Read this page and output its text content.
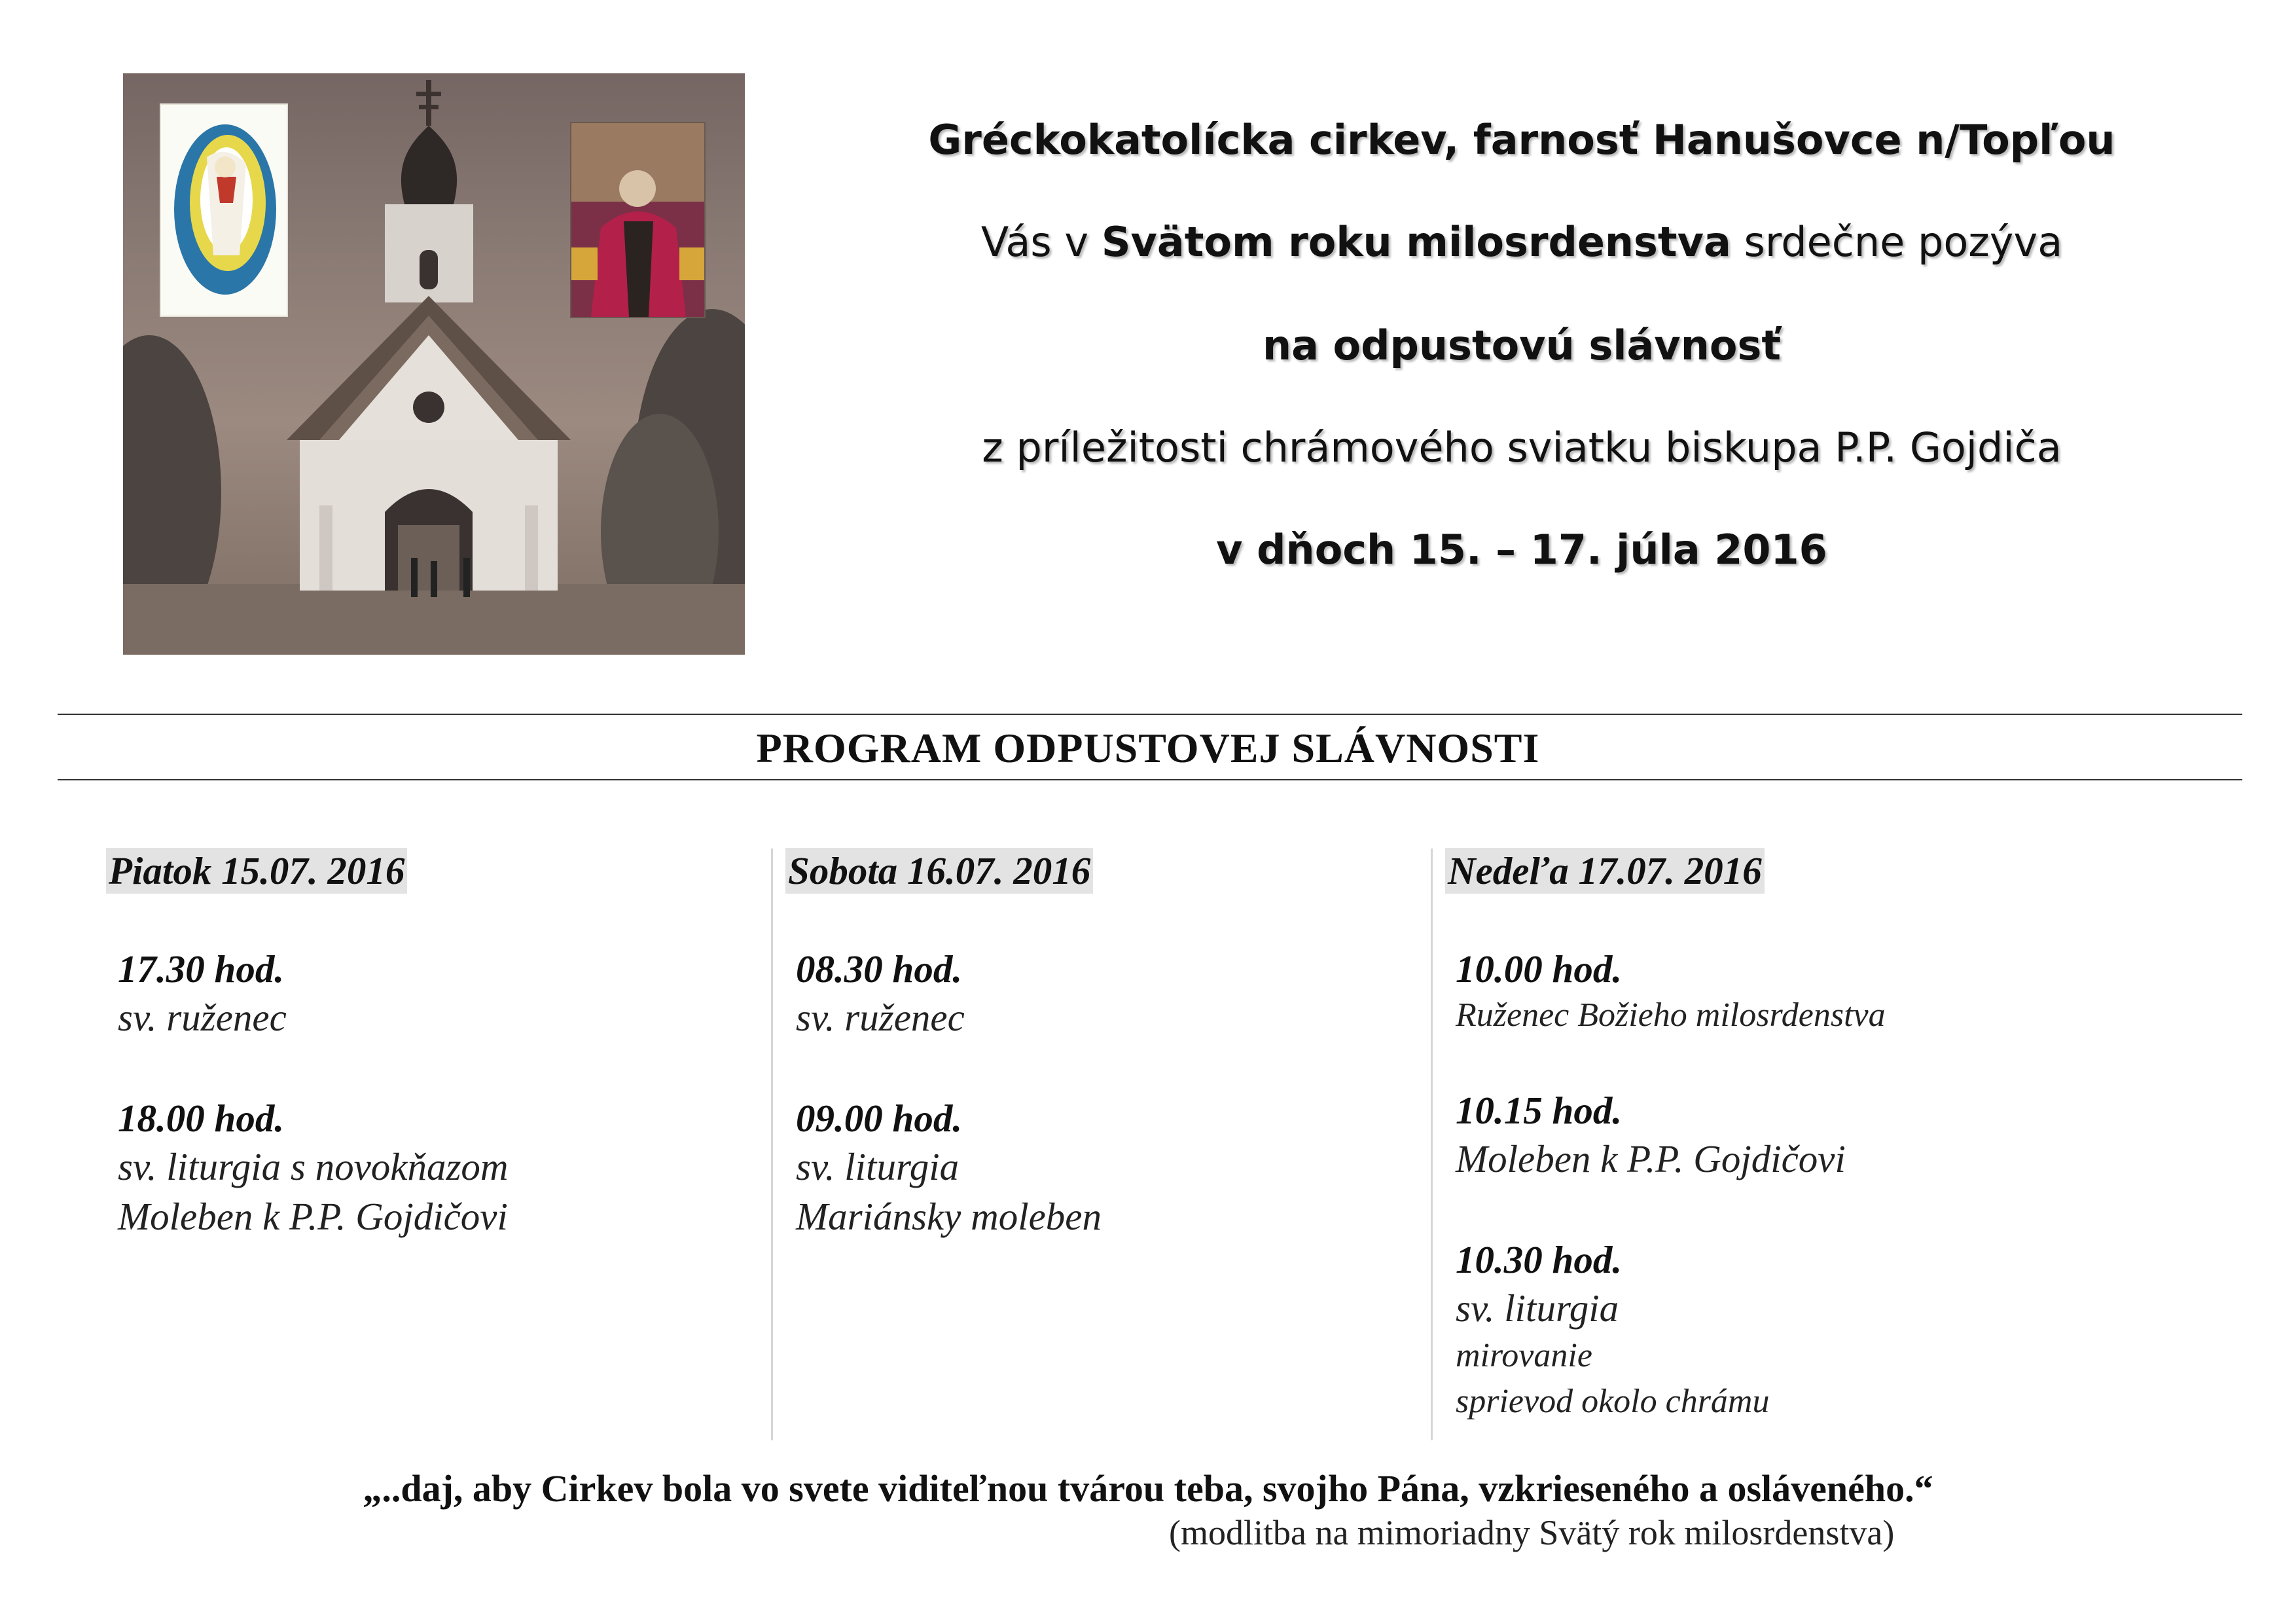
Gréckokatolícka cirkev, farnosť Hanušovce n/Topľou
Vás v Svätom roku milosrdenstva srdečne pozýva
na odpustovú slávnosť
z príležitosti chrámového sviatku biskupa P.P. Gojdiča
v dňoch 15. – 17. júla 2016
PROGRAM ODPUSTOVEJ SLÁVNOSTI
Piatok 15.07. 2016
17.30 hod.
sv. ruženec
18.00 hod.
sv. liturgia s novokňazom
Moleben k P.P. Gojdičovi
Sobota 16.07. 2016
08.30 hod.
sv. ruženec
09.00 hod.
sv. liturgia
Mariánsky moleben
Nedeľa 17.07. 2016
10.00 hod.
Ruženec Božieho milosrdenstva
10.15 hod.
Moleben k P.P. Gojdičovi
10.30 hod.
sv. liturgia
mirovanie
sprievod okolo chrámu
„..daj, aby Cirkev bola vo svete viditeľnou tvárou teba, svojho Pána, vzkrieseného a osláveného.“
(modlitba na mimoriadny Svätý rok milosrdenstva)
